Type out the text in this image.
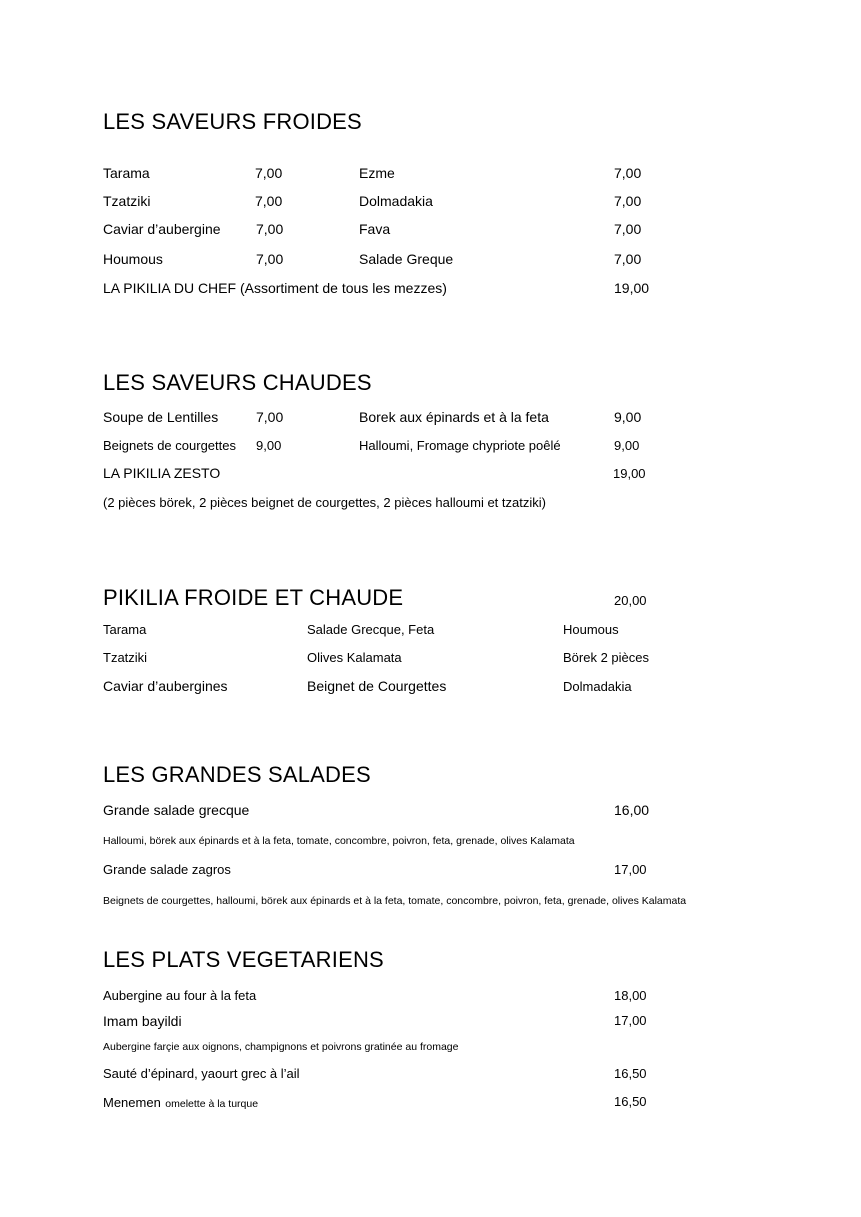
LES SAVEURS FROIDES
Tarama	7,00	Ezme	7,00
Tzatziki	7,00	Dolmadakia	7,00
Caviar d’aubergine	7,00	Fava	7,00
Houmous	7,00	Salade Greque	7,00
LA PIKILIA DU CHEF (Assortiment de tous les mezzes)	19,00
LES SAVEURS CHAUDES
Soupe de Lentilles	7,00	Borek aux épinards et à la feta	9,00
Beignets de courgettes 9,00	Halloumi, Fromage chypriote poêlé	9,00
LA PIKILIA ZESTO	19,00
(2 pièces börek, 2 pièces beignet de courgettes, 2 pièces halloumi et tzatziki)
PIKILIA FROIDE ET CHAUDE	20,00
Tarama	Salade Grecque, Feta	Houmous
Tzatziki	Olives Kalamata	Börek 2 pièces
Caviar d’aubergines	Beignet de Courgettes	Dolmadakia
LES GRANDES SALADES
Grande salade grecque	16,00
Halloumi, börek aux épinards et à la feta, tomate, concombre, poivron, feta, grenade, olives Kalamata
Grande salade zagros	17,00
Beignets de courgettes, halloumi, börek aux épinards et à la feta, tomate, concombre, poivron, feta, grenade, olives Kalamata
LES PLATS VEGETARIENS
Aubergine au four à la feta	18,00
Imam bayildi	17,00
Aubergine farçie aux oignons, champignons et poivrons gratinée au fromage
Sauté d’épinard, yaourt grec à l’ail	16,50
Menemen omelette à la turque	16,50
